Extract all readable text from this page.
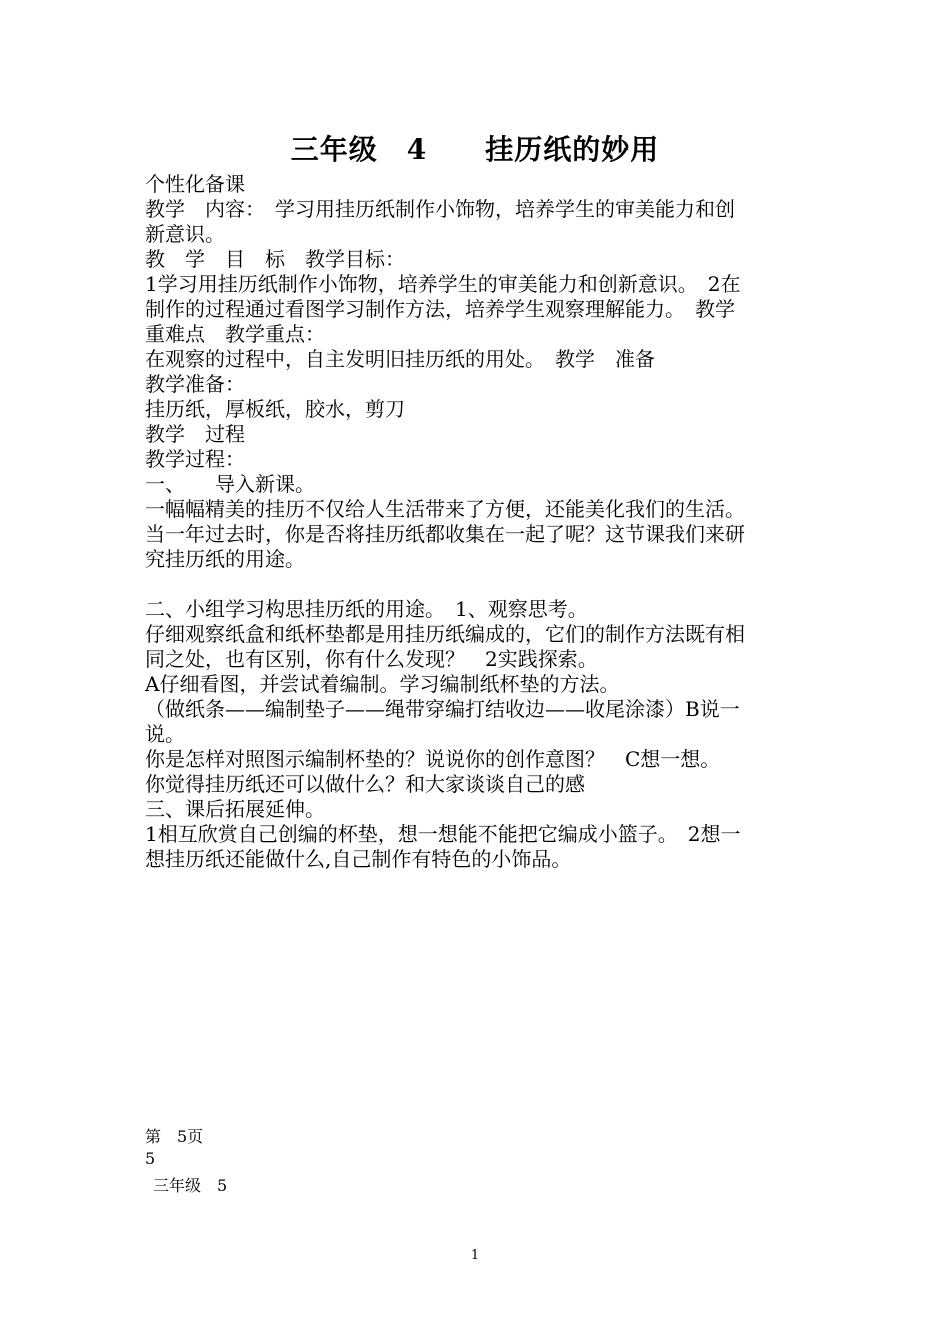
三年级　4　　挂历纸的妙用
个性化备课
教学　内容：　学习用挂历纸制作小饰物，培养学生的审美能力和创
新意识。
教　学　目　标　教学目标：
1学习用挂历纸制作小饰物，培养学生的审美能力和创新意识。　2在
制作的过程通过看图学习制作方法，培养学生观察理解能力。　教学
重难点　教学重点：
在观察的过程中，自主发明旧挂历纸的用处。　教学　准备
教学准备：
挂历纸，厚板纸，胶水，剪刀
教学　过程
教学过程：
一、　　导入新课。
一幅幅精美的挂历不仅给人生活带来了方便，还能美化我们的生活。
当一年过去时，你是否将挂历纸都收集在一起了呢？这节课我们来研
究挂历纸的用途。
二、小组学习构思挂历纸的用途。　1、观察思考。
仔细观察纸盒和纸杯垫都是用挂历纸编成的，它们的制作方法既有相
同之处，也有区别，你有什么发现？　2实践探索。
A仔细看图，并尝试着编制。学习编制纸杯垫的方法。
（做纸条——编制垫子——绳带穿编打结收边——收尾涂漆）B说一
说。
你是怎样对照图示编制杯垫的？说说你的创作意图？　C想一想。
你觉得挂历纸还可以做什么？和大家谈谈自己的感
三、课后拓展延伸。
1相互欣赏自己创编的杯垫，想一想能不能把它编成小篮子。　2想一
想挂历纸还能做什么,自己制作有特色的小饰品。
第　5页
5
三年级　5
1
